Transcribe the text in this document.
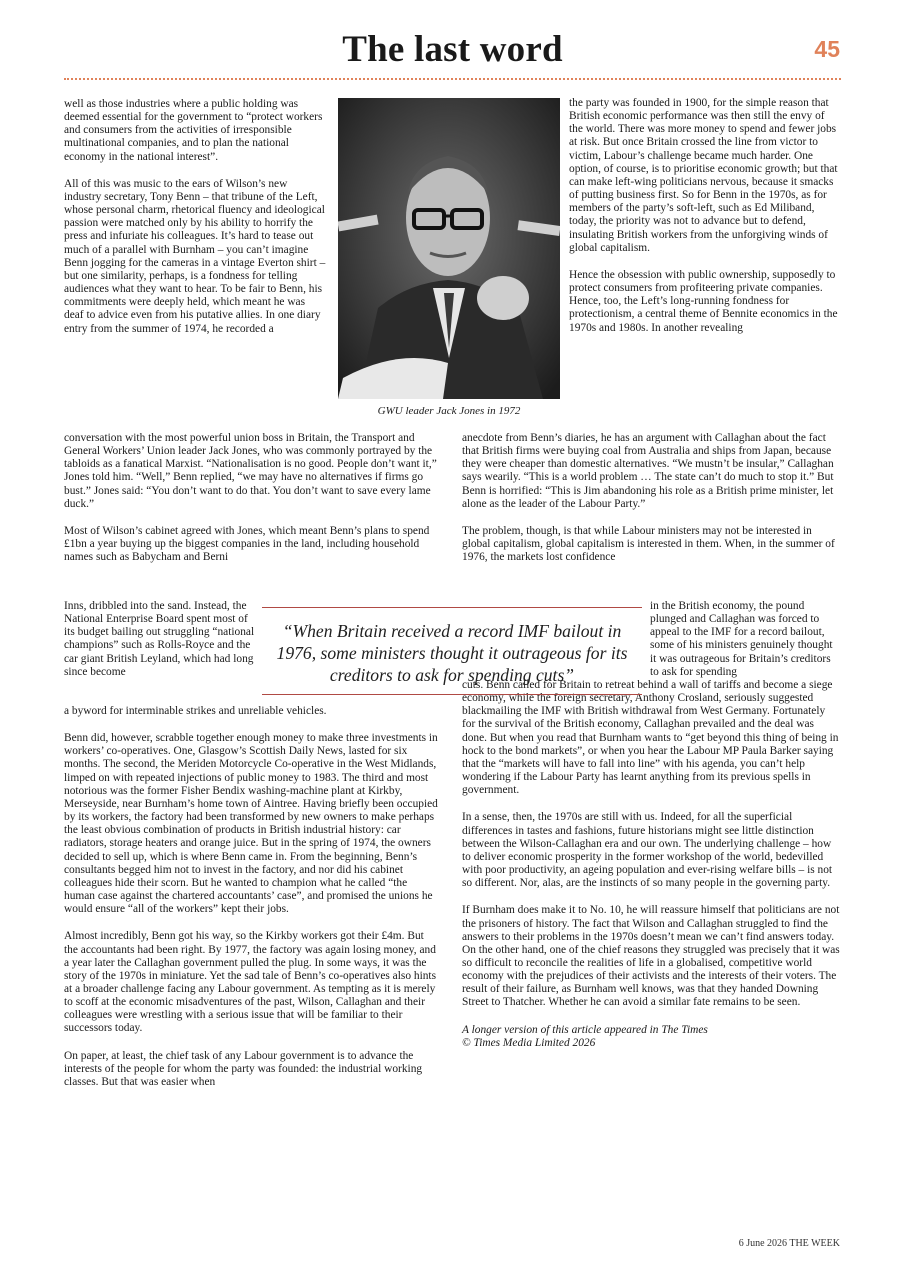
The last word	45

well as those industries where a public holding was deemed essential for the government to “protect workers and consumers from the activities of irresponsible multinational companies, and to plan the national economy in the national interest”.

All of this was music to the ears of Wilson’s new industry secretary, Tony Benn – that tribune of the Left, whose personal charm, rhetorical fluency and ideological passion were matched only by his ability to horrify the press and infuriate his colleagues. It’s hard to tease out much of a parallel with Burnham – you can’t imagine Benn jogging for the cameras in a vintage Everton shirt – but one similarity, perhaps, is a fondness for telling audiences what they want to hear. To be fair to Benn, his commitments were deeply held, which meant he was deaf to advice even from his putative allies. In one diary entry from the summer of 1974, he recorded a

conversation with the most powerful union boss in Britain, the Transport and General Workers’ Union leader Jack Jones, who was commonly portrayed by the tabloids as a fanatical Marxist. “Nationalisation is no good. People don’t want it,” Jones told him. “Well,” Benn replied, “we may have no alternatives if firms go bust.” Jones said: “You don’t want to do that. You don’t want to save every lame duck.”

Most of Wilson’s cabinet agreed with Jones, which meant Benn’s plans to spend £1bn a year buying up the biggest companies in the land, including household names such as Babycham and Berni

Inns, dribbled into the sand. Instead, the National Enterprise Board spent most of its budget bailing out struggling “national champions” such as Rolls-Royce and the car giant British Leyland, which had long since become

a byword for interminable strikes and unreliable vehicles.

Benn did, however, scrabble together enough money to make three investments in workers’ co-operatives. One, Glasgow’s Scottish Daily News, lasted for six months. The second, the Meriden Motorcycle Co-operative in the West Midlands, limped on with repeated injections of public money to 1983. The third and most notorious was the former Fisher Bendix washing-machine plant at Kirkby, Merseyside, near Burnham’s home town of Aintree. Having briefly been occupied by its workers, the factory had been transformed by new owners to make perhaps the least obvious combination of products in British industrial history: car radiators, storage heaters and orange juice. But in the spring of 1974, the owners decided to sell up, which is where Benn came in. From the beginning, Benn’s consultants begged him not to invest in the factory, and nor did his cabinet colleagues hide their scorn. But he wanted to champion what he called “the human case against the chartered accountants’ case”, and promised the unions he would ensure “all of the workers” kept their jobs.

Almost incredibly, Benn got his way, so the Kirkby workers got their £4m. But the accountants had been right. By 1977, the factory was again losing money, and a year later the Callaghan government pulled the plug. In some ways, it was the story of the 1970s in miniature. Yet the sad tale of Benn’s co-operatives also hints at a broader challenge facing any Labour government. As tempting as it is merely to scoff at the economic misadventures of the past, Wilson, Callaghan and their colleagues were wrestling with a serious issue that will be familiar to their successors today.

On paper, at least, the chief task of any Labour government is to advance the interests of the people for whom the party was founded: the industrial working classes. But that was easier when

GWU leader Jack Jones in 1972

the party was founded in 1900, for the simple reason that British economic performance was then still the envy of the world. There was more money to spend and fewer jobs at risk. But once Britain crossed the line from victor to victim, Labour’s challenge became much harder. One option, of course, is to prioritise economic growth; but that can make left-wing politicians nervous, because it smacks of putting business first. So for Benn in the 1970s, as for members of the party’s soft-left, such as Ed Miliband, today, the priority was not to advance but to defend, insulating British workers from the unforgiving winds of global capitalism.

Hence the obsession with public ownership, supposedly to protect consumers from profiteering private companies. Hence, too, the Left’s long-running fondness for protectionism, a central theme of Bennite economics in the 1970s and 1980s. In another revealing

anecdote from Benn’s diaries, he has an argument with Callaghan about the fact that British firms were buying coal from Australia and ships from Japan, because they were cheaper than domestic alternatives. “We mustn’t be insular,” Callaghan says wearily. “This is a world problem … The state can’t do much to stop it.” But Benn is horrified: “This is Jim abandoning his role as a British prime minister, let alone as the leader of the Labour Party.”

The problem, though, is that while Labour ministers may not be interested in global capitalism, global capitalism is interested in them. When, in the summer of 1976, the markets lost confidence

in the British economy, the pound plunged and Callaghan was forced to appeal to the IMF for a record bailout, some of his ministers genuinely thought it was outrageous for Britain’s creditors to ask for spending

cuts. Benn called for Britain to retreat behind a wall of tariffs and become a siege economy, while the foreign secretary, Anthony Crosland, seriously suggested blackmailing the IMF with British withdrawal from West Germany. Fortunately for the survival of the British economy, Callaghan prevailed and the deal was done. But when you read that Burnham wants to “get beyond this thing of being in hock to the bond markets”, or when you hear the Labour MP Paula Barker saying that the “markets will have to fall into line” with his agenda, you can’t help wondering if the Labour Party has learnt anything from its previous spells in government.

In a sense, then, the 1970s are still with us. Indeed, for all the superficial differences in tastes and fashions, future historians might see little distinction between the Wilson-Callaghan era and our own. The underlying challenge – how to deliver economic prosperity in the former workshop of the world, bedevilled with poor productivity, an ageing population and ever-rising welfare bills – is not so different. Nor, alas, are the instincts of so many people in the governing party.

If Burnham does make it to No. 10, he will reassure himself that politicians are not the prisoners of history. The fact that Wilson and Callaghan struggled to find the answers to their problems in the 1970s doesn’t mean we can’t find answers today. On the other hand, one of the chief reasons they struggled was precisely that it was so difficult to reconcile the realities of life in a globalised, competitive world economy with the prejudices of their activists and the interests of their voters. The result of their failure, as Burnham well knows, was that they handed Downing Street to Thatcher. Whether he can avoid a similar fate remains to be seen.

A longer version of this article appeared in The Times
© Times Media Limited 2026
“When Britain received a record IMF bailout in 1976, some ministers thought it outrageous for its creditors to ask for spending cuts”
6 June 2026 THE WEEK
